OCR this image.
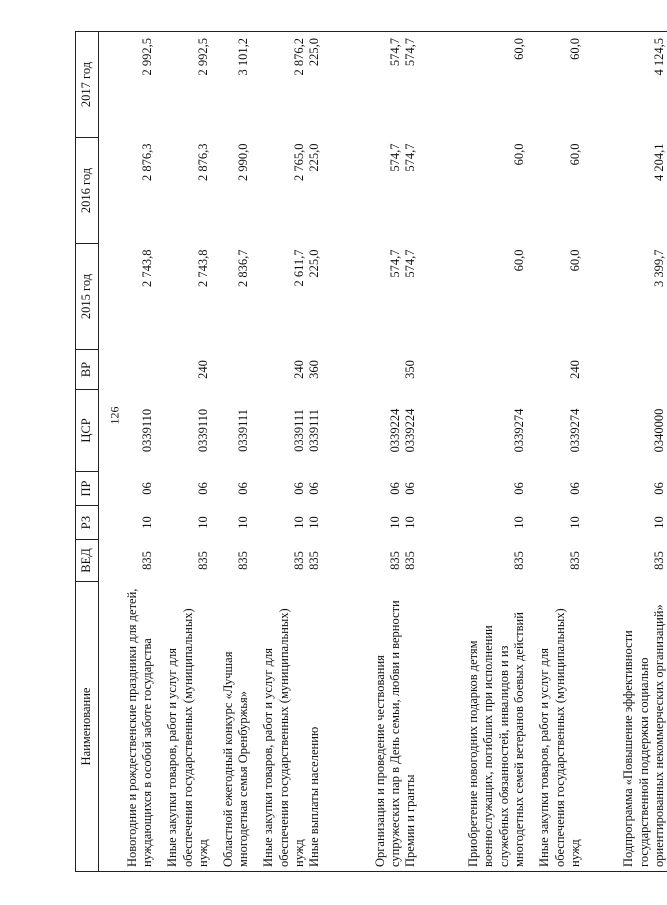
126
Наименование	ВЕД	РЗ	ПР	ЦСР	ВР	2015 год	2016 год	2017 год
Новогодние и рождественские праздники для детей, нуждающихся в особой заботе государства	835	10	06	0339110		2 743,8	2 876,3	2 992,5
Иные закупки товаров, работ и услуг для обеспечения государственных (муниципальных) нужд	835	10	06	0339110	240	2 743,8	2 876,3	2 992,5
Областной ежегодный конкурс «Лучшая многодетная семья Оренбуржья»	835	10	06	0339111		2 836,7	2 990,0	3 101,2
Иные закупки товаров, работ и услуг для обеспечения государственных (муниципальных) нужд	835	10	06	0339111	240	2 611,7	2 765,0	2 876,2
Иные выплаты населению	835	10	06	0339111	360	225,0	225,0	225,0
Организация и проведение чествования супружеских пар в День семьи, любви и верности	835	10	06	0339224		574,7	574,7	574,7
Премии и гранты	835	10	06	0339224	350	574,7	574,7	574,7
Приобретение новогодних подарков детям военнослужащих, погибших при исполнении служебных обязанностей, инвалидов и из многодетных семей ветеранов боевых действий	835	10	06	0339274		60,0	60,0	60,0
Иные закупки товаров, работ и услуг для обеспечения государственных (муниципальных) нужд	835	10	06	0339274	240	60,0	60,0	60,0
Подпрограмма «Повышение эффективности государственной поддержки социально ориентированных некоммерческих организаций»	835	10	06	0340000		3 399,7	4 204,1	4 124,5
